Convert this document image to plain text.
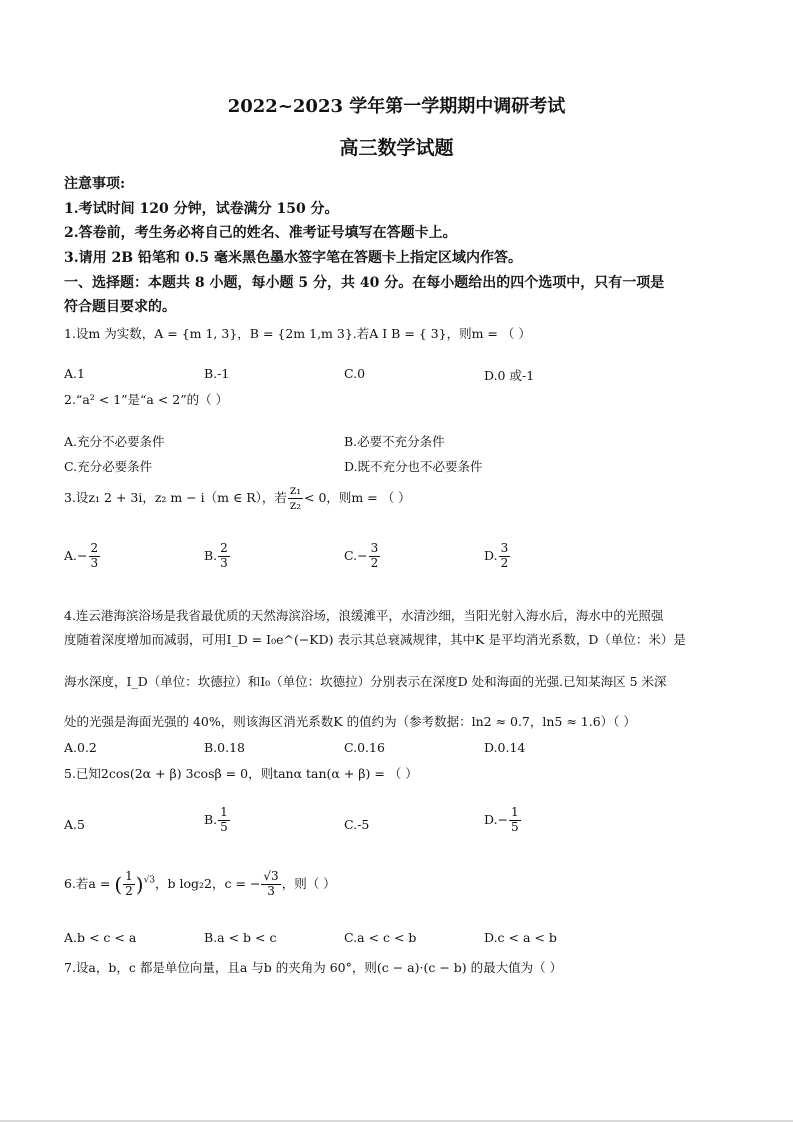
2022~2023 学年第一学期期中调研考试
高三数学试题
注意事项:
1.考试时间 120 分钟，试卷满分 150 分。
2.答卷前，考生务必将自己的姓名、准考证号填写在答题卡上。
3.请用 2B 铅笔和 0.5 毫米黑色墨水签字笔在答题卡上指定区域内作答。
一、选择题：本题共 8 小题，每小题 5 分，共 40 分。在每小题给出的四个选项中，只有一项是
符合题目要求的。
1.设m 为实数，A = {m 1, 3}，B = {2m 1,m 3}.若A I B = { 3}，则m = （ ）
A.1	B.-1	C.0	D.0 或-1
2.“a² < 1”是“a < 2”的（ ）
A.充分不必要条件	B.必要不充分条件
C.充分必要条件	D.既不充分也不必要条件
3.设z₁ 2 + 3i，z₂ m − i（m ∈ R），若 $\frac{\text{z₁}}{\text{z₂}} < 0$，则m = （ ）
$A.- \frac{2}{3}$	B. $\frac{2}{3}$	$C.- \frac{3}{2}$	D. $\frac{3}{2}$
4.连云港海滨浴场是我省最优质的天然海滨浴场，浪缓滩平，水清沙细，当阳光射入海水后，海水中的光照强
度随着深度增加而减弱，可用I_D = I₀e^(−KD) 表示其总衰减规律，其中K 是平均消光系数，D（单位：米）是
海水深度，I_D（单位：坎德拉）和I₀（单位：坎德拉）分别表示在深度D 处和海面的光强.已知某海区 5 米深
处的光强是海面光强的 40%，则该海区消光系数K 的值约为（参考数据：ln2 ≈ 0.7，ln5 ≈ 1.6）（ ）
A.0.2	B.0.18	C.0.16	D.0.14
5.已知2cos(2α + β) 3cosβ = 0，则tanα tan(α + β) = （ ）
A.5	B. $\frac{1}{5}$	C.-5	$D.- \frac{1}{5}$
6.若a = ( $\frac{1}{2} )^{√3}$，b log₂2，c = − $\frac{√3}{3}$ ，则（ ）
A.b < c < a	B.a < b < c	C.a < c < b	D.c < a < b
7.设a，b，c 都是单位向量，且a 与b 的夹角为 60°，则(c − a)·(c − b) 的最大值为（ ）
